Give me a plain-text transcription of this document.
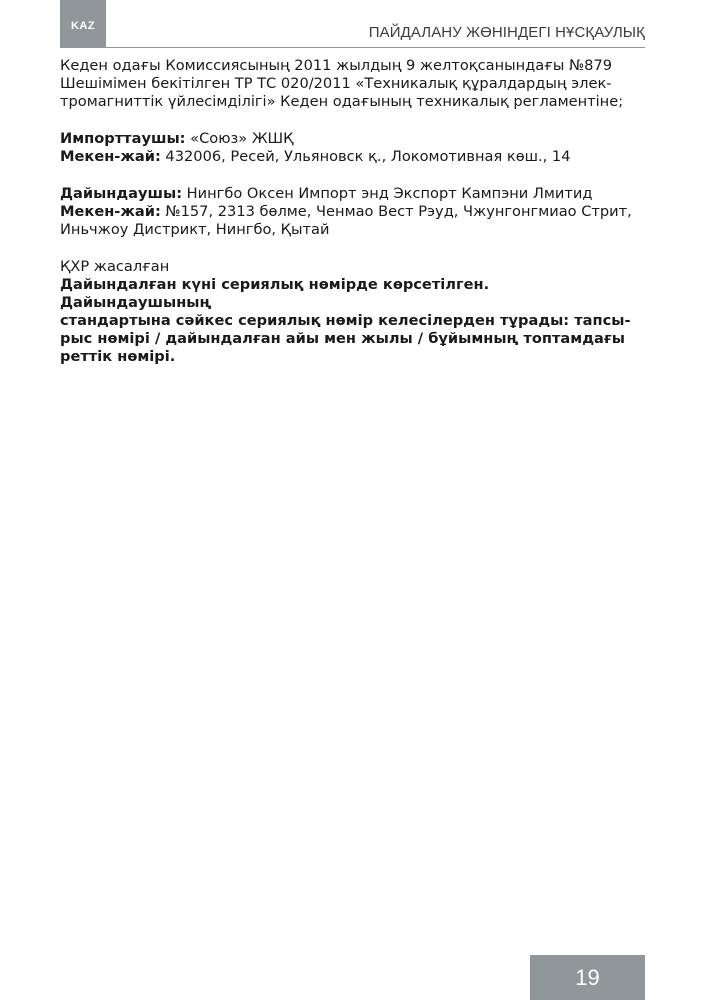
KAZ	ПАЙДАЛАНУ ЖӨНІНДЕГІ НҰСҚАУЛЫҚ

Кеден одағы Комиссиясының 2011 жылдың 9 желтоқсанындағы №879

Шешімімен бекітілген ТР ТС 020/2011 «Техникалық құралдардың элек-

тромагниттік үйлесімділігі» Кеден одағының техникалық регламентіне;

Импорттаушы: «Союз» ЖШҚ

Мекен-жай: 432006, Ресей, Ульяновск қ., Локомотивная көш., 14

Дайындаушы: Нингбо Оксен Импорт энд Экспорт Кампэни Лмитид

Мекен-жай: №157, 2313 бөлме, Ченмао Вест Рэуд, Чжунгонгмиао Стрит,

Иньчжоу Дистрикт, Нингбо, Қытай

ҚХР жасалған

Дайындалған күні сериялық нөмірде көрсетілген. Дайындаушының

стандартына сәйкес сериялық нөмір келесілерден тұрады: тапсы-

рыс нөмірі / дайындалған айы мен жылы / бұйымның топтамдағы

реттік нөмірі.

19
